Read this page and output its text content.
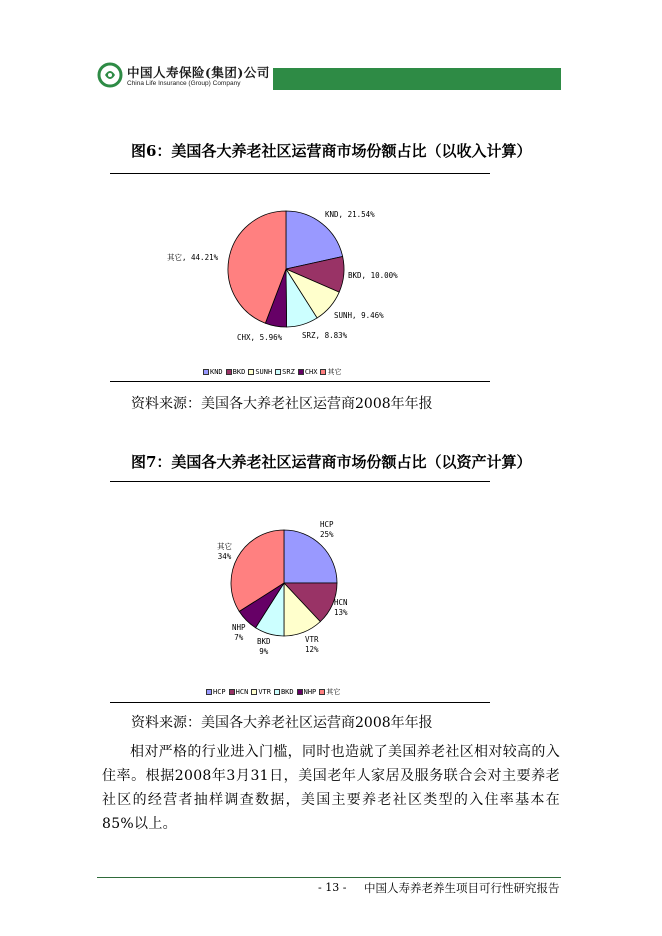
中国人寿保险(集团)公司
China Life Insurance (Group) Company
图6：美国各大养老社区运营商市场份额占比（以收入计算）
KND, 21.54%
BKD, 10.00%
SUNH, 9.46%
SRZ, 8.83%
CHX, 5.96%
其它, 44.21%
KND BKD SUNH SRZ CHX 其它
资料来源：美国各大养老社区运营商2008年年报
图7：美国各大养老社区运营商市场份额占比（以资产计算）
HCP
25%
HCN
13%
VTR
12%
BKD
9%
NHP
7%
其它
34%
HCP HCN VTR BKD NHP 其它
资料来源：美国各大养老社区运营商2008年年报

相对严格的行业进入门槛，同时也造就了美国养老社区相对较高的入住率。根据2008年3月31日，美国老年人家居及服务联合会对主要养老社区的经营者抽样调查数据，美国主要养老社区类型的入住率基本在85%以上。

- 13 - 中国人寿养老养生项目可行性研究报告
